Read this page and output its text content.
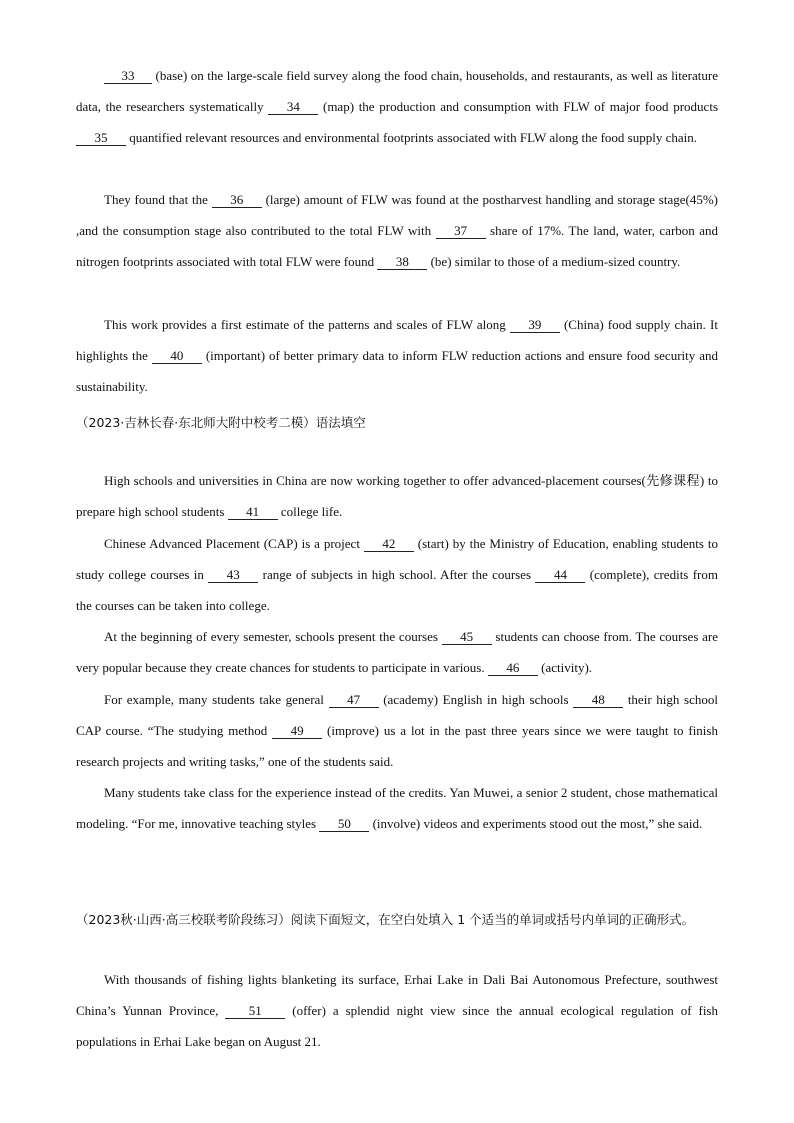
33 (base) on the large-scale field survey along the food chain, households, and restaurants, as well as literature data, the researchers systematically 34 (map) the production and consumption with FLW of major food products 35 quantified relevant resources and environmental footprints associated with FLW along the food supply chain.

They found that the 36 (large) amount of FLW was found at the postharvest handling and storage stage(45%) ,and the consumption stage also contributed to the total FLW with 37 share of 17%. The land, water, carbon and nitrogen footprints associated with total FLW were found 38 (be) similar to those of a medium-sized country.

This work provides a first estimate of the patterns and scales of FLW along 39 (China) food supply chain. It highlights the 40 (important) of better primary data to inform FLW reduction actions and ensure food security and sustainability.

（2023·吉林长春·东北师大附中校考二模）语法填空

High schools and universities in China are now working together to offer advanced-placement courses(先修课程) to prepare high school students 41 college life.

Chinese Advanced Placement (CAP) is a project 42 (start) by the Ministry of Education, enabling students to study college courses in 43 range of subjects in high school. After the courses 44 (complete), credits from the courses can be taken into college.

At the beginning of every semester, schools present the courses 45 students can choose from. The courses are very popular because they create chances for students to participate in various. 46 (activity).

For example, many students take general 47 (academy) English in high schools 48 their high school CAP course. “The studying method 49 (improve) us a lot in the past three years since we were taught to finish research projects and writing tasks,” one of the students said.

Many students take class for the experience instead of the credits. Yan Muwei, a senior 2 student, chose mathematical modeling. “For me, innovative teaching styles 50 (involve) videos and experiments stood out the most,” she said.

（2023秋·山西·高三校联考阶段练习）阅读下面短文，在空白处填入 1 个适当的单词或括号内单词的正确形式。

With thousands of fishing lights blanketing its surface, Erhai Lake in Dali Bai Autonomous Prefecture, southwest China’s Yunnan Province, 51 (offer) a splendid night view since the annual ecological regulation of fish populations in Erhai Lake began on August 21.
